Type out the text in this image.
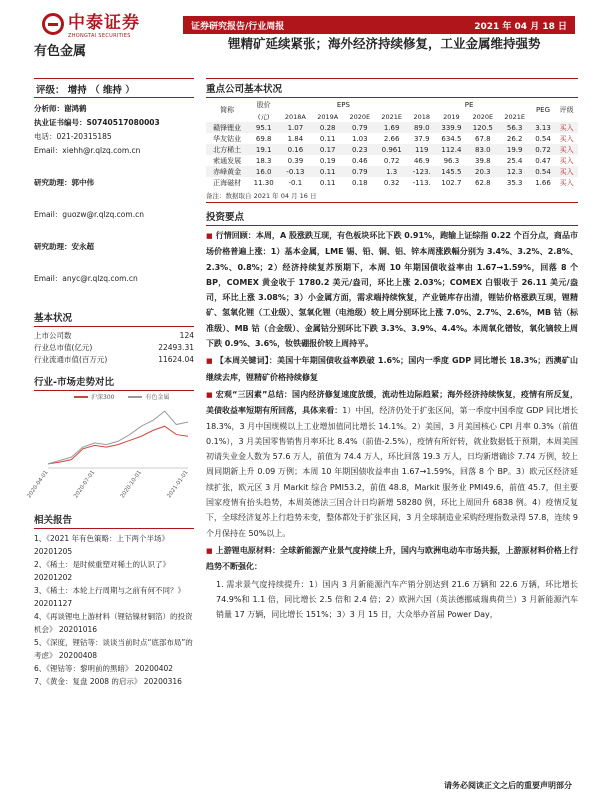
中泰证券
ZHONGTAI SECURITIES
证券研究报告/行业周报	2021 年 04 月 18 日
有色金属
锂精矿延续紧张；海外经济持续修复，工业金属维持强势
评级： 增持 （ 维持 ）
分析师：谢鸿鹤
执业证书编号：S0740517080003
电话：021-20315185
Email：xiehh@r.qlzq.com.cn
研究助理：郭中伟
Email：guozw@r.qlzq.com.cn
研究助理：安永超
Email：anyc@r.qlzq.com.cn
基本状况
上市公司数	124
行业总市值(亿元)	22493.31
行业流通市值(百万元)	11624.04
行业-市场走势对比
沪深300	有色金属
2020-04-01	2020-07-01	2020-10-01	2021-01-01
相关报告
1、《2021 年有色策略：上下两个半场》 20201205
2、《稀土：是时候重塑对稀土的认识了》 20201202
3、《稀土：本轮上行周期与之前有何不同？》 20201127
4、《再谈锂电上游材料（锂钴镍材铜箔）的投资机会》 20201016
5、《深度，锂钴等：谈谈当前时点“底部布局”的考虑》 20200408
6、《锂钴等：黎明前的黑暗》 20200402
7、《黄金：复盘 2008 的启示》 20200316
重点公司基本状况
简称	股价	EPS				PE				PEG	评级
	(元)	2018A	2019A	2020E	2021E	2018	2019	2020E	2021E		
赣锋锂业	95.1	1.07	0.28	0.79	1.69	89.0	339.9	120.5	56.3	3.13	买入
华友钴业	69.8	1.84	0.11	1.03	2.66	37.9	634.5	67.8	26.2	0.54	买入
北方稀土	19.1	0.16	0.17	0.23	0.961	119	112.4	83.0	19.9	0.72	买入
索通发展	18.3	0.39	0.19	0.46	0.72	46.9	96.3	39.8	25.4	0.47	买入
赤峰黄金	16.0	-0.13	0.11	0.79	1.3	-123.	145.5	20.3	12.3	0.54	买入
正海磁材	11.30	-0.1	0.11	0.18	0.32	-113.	102.7	62.8	35.3	1.66	买入
备注：数据取自 2021 年 04 月 16 日
投资要点
■ 行情回顾：本周，A 股涨跌互现，有色板块环比下跌 0.91%，跑输上证综指 0.22 个百分点，商品市场价格普遍上涨：1）基本金属，LME 锡、铅、铜、铝、锌本周涨跌幅分别为 3.4%、3.2%、2.8%、2.3%、0.8%；2）经济持续复苏预期下，本周 10 年期国债收益率由 1.67→1.59%，回落 8 个 BP，COMEX 黄金收于 1780.2 美元/盎司，环比上涨 2.03%；COMEX 白银收于 26.11 美元/盎司，环比上涨 3.08%；3）小金属方面，需求端持续恢复，产业链库存出清，锂钴价格涨跌互现，锂精矿、氢氧化锂（工业级）、氢氧化锂（电池级）较上周分别环比上涨 7.0%、2.7%、2.6%，MB 钴（标准级）、MB 钴（合金级）、金属钴分别环比下跌 3.3%、3.9%、4.4%。本周氧化镨钕，氧化镝较上周下跌 0.9%、3.6%，钕铁硼报价较上周持平。
■ 【本周关键词】：美国十年期国债收益率跌破 1.6%；国内一季度 GDP 同比增长 18.3%；西澳矿山继续去库，锂精矿价格持续修复
■ 宏观“三因素”总结：国内经济修复速度放缓，流动性边际趋紧；海外经济持续恢复，疫情有所反复，美债收益率短期有所回落，具体来看：1）中国，经济仍处于扩张区间，第一季度中国季度 GDP 同比增长 18.3%，3 月中国规模以上工业增加值同比增长 14.1%。2）美国，3 月美国核心 CPI 月率 0.3%（前值 0.1%），3 月美国零售销售月率环比 8.4%（前值-2.5%），疫情有所好转，就业数据低于预期，本周美国初请失业金人数为 57.6 万人，前值为 74.4 万人，环比回落 19.3 万人，日均新增确诊 7.74 万例，较上周同期新上升 0.09 万例；本周 10 年期国债收益率由 1.67→1.59%，回落 8 个 BP。3）欧元区经济延续扩张，欧元区 3 月 Markit 综合 PMI53.2，前值 48.8，Markit 服务业 PMI49.6，前值 45.7，但主要国家疫情有抬头趋势，本周英德法三国合计日均新增 58280 例，环比上周回升 6838 例。4）疫情反复下，全球经济复苏上行趋势未变，整体都处于扩张区间，3 月全球制造业采购经理指数录得 57.8，连续 9 个月保持在 50%以上。
■ 上游锂电原材料：全球新能源产业景气度持续上升，国内与欧洲电动车市场共振，上游原材料价格上行趋势不断强化：
1. 需求景气度持续提升：1）国内 3 月新能源汽车产销分别达到 21.6 万辆和 22.6 万辆，环比增长 74.9%和 1.1 倍，同比增长 2.5 倍和 2.4 倍；2）欧洲六国（英法德挪威瑞典荷兰）3 月新能源汽车销量 17 万辆，同比增长 151%；3）3 月 15 日，大众举办首届 Power Day，
请务必阅读正文之后的重要声明部分
